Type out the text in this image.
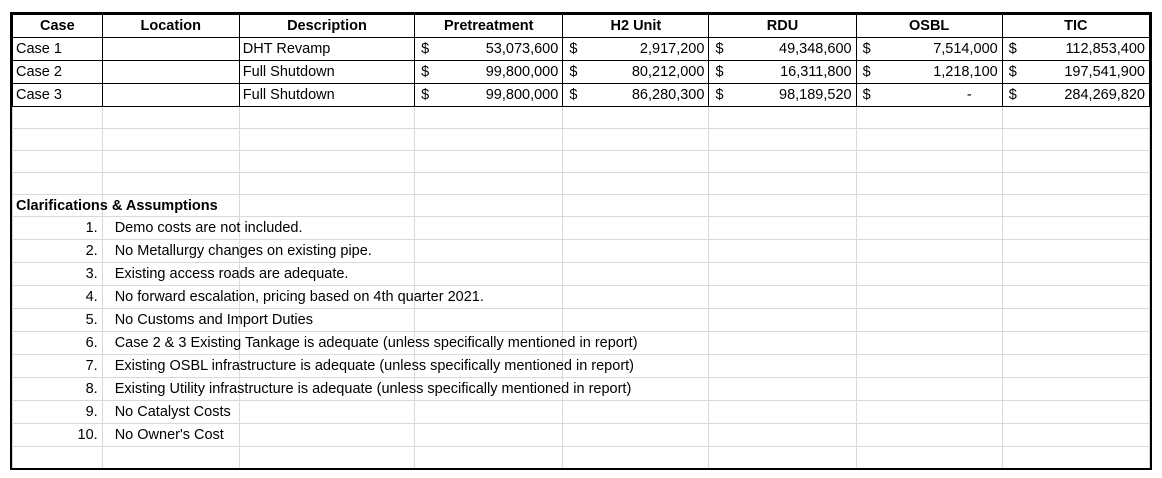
Case	Location	Description	Pretreatment		H2 Unit		RDU		OSBL		TIC	
Case 1		DHT Revamp	$	53,073,600	$	2,917,200	$	49,348,600	$	7,514,000	$	112,853,400
Case 2		Full Shutdown	$	99,800,000	$	80,212,000	$	16,311,800	$	1,218,100	$	197,541,900
Case 3		Full Shutdown	$	99,800,000	$	86,280,300	$	98,189,520	$	-	$	284,269,820

Clarifications & Assumptions												

1.	Demo costs are not included.											

2.	No Metallurgy changes on existing pipe.											

3.	Existing access roads are adequate.											

4.	No forward escalation, pricing based on 4th quarter 2021.											

5.	No Customs and Import Duties											

6.	Case 2 & 3 Existing Tankage is adequate (unless specifically mentioned in report)											

7.	Existing OSBL infrastructure is adequate (unless specifically mentioned in report)											

8.	Existing Utility infrastructure is adequate (unless specifically mentioned in report)											

9.	No Catalyst Costs											

10.	No Owner's Cost											
